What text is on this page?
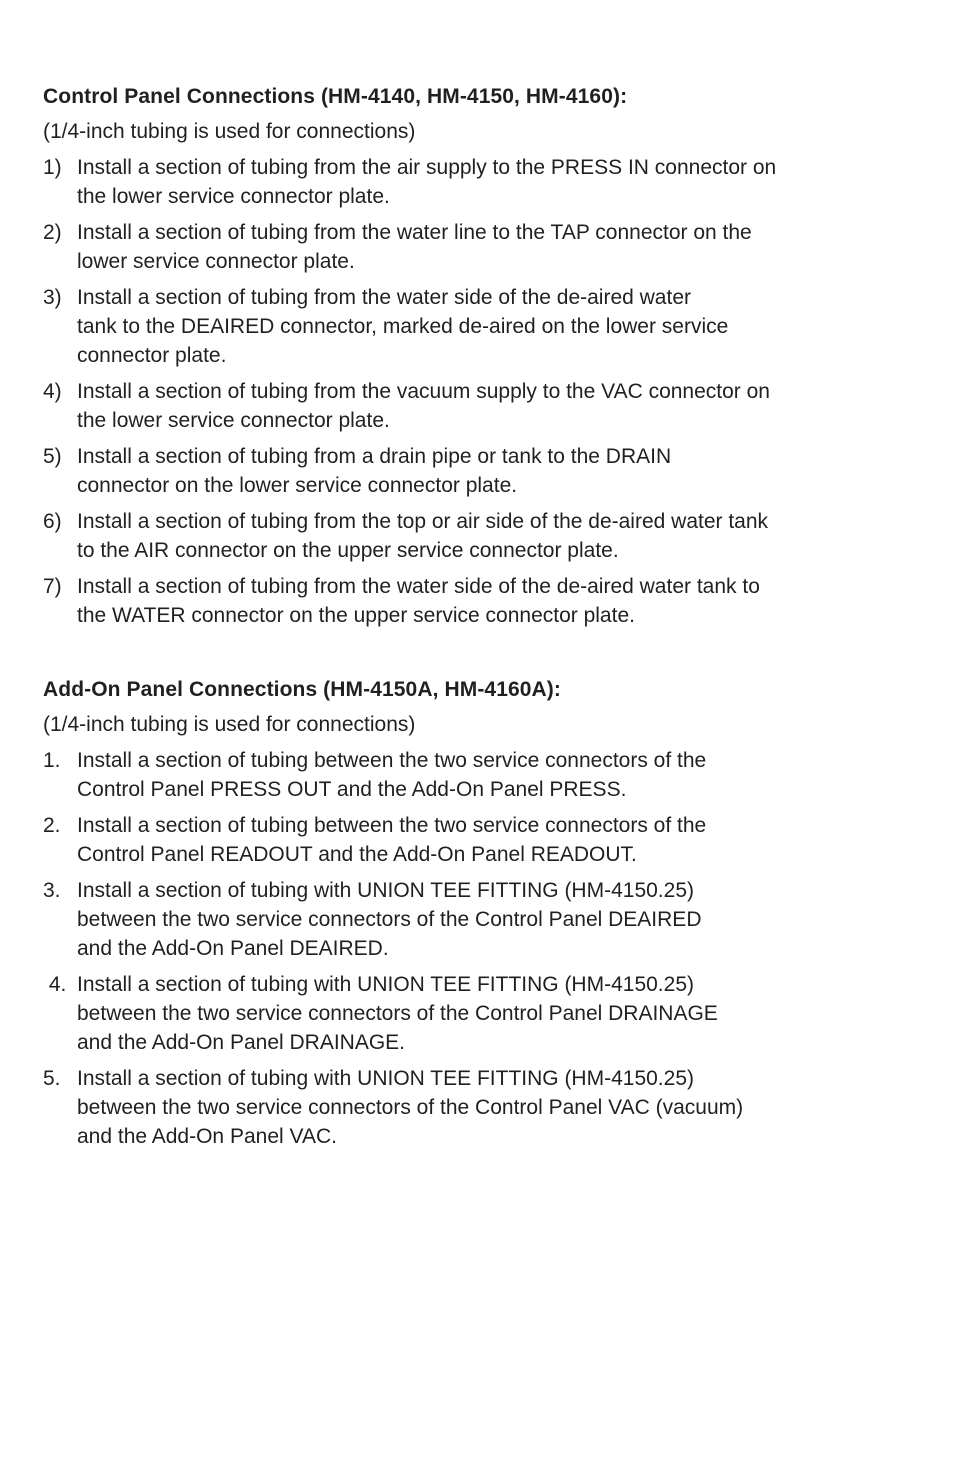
Control Panel Connections (HM-4140, HM-4150, HM-4160):
(1/4-inch tubing is used for connections)
1) Install a section of tubing from the air supply to the PRESS IN connector on
the lower service connector plate.
2) Install a section of tubing from the water line to the TAP connector on the
lower service connector plate.
3) Install a section of tubing from the water side of the de-aired water
tank to the DEAIRED connector, marked de-aired on the lower service
connector plate.
4) Install a section of tubing from the vacuum supply to the VAC connector on
the lower service connector plate.
5) Install a section of tubing from a drain pipe or tank to the DRAIN
connector on the lower service connector plate.
6) Install a section of tubing from the top or air side of the de-aired water tank
to the AIR connector on the upper service connector plate.
7) Install a section of tubing from the water side of the de-aired water tank to
the WATER connector on the upper service connector plate.
Add-On Panel Connections (HM-4150A, HM-4160A):
(1/4-inch tubing is used for connections)
1. Install a section of tubing between the two service connectors of the
Control Panel PRESS OUT and the Add-On Panel PRESS.
2. Install a section of tubing between the two service connectors of the
Control Panel READOUT and the Add-On Panel READOUT.
3. Install a section of tubing with UNION TEE FITTING (HM-4150.25)
between the two service connectors of the Control Panel DEAIRED
and the Add-On Panel DEAIRED.
4. Install a section of tubing with UNION TEE FITTING (HM-4150.25)
between the two service connectors of the Control Panel DRAINAGE
and the Add-On Panel DRAINAGE.
5. Install a section of tubing with UNION TEE FITTING (HM-4150.25)
between the two service connectors of the Control Panel VAC (vacuum)
and the Add-On Panel VAC.
